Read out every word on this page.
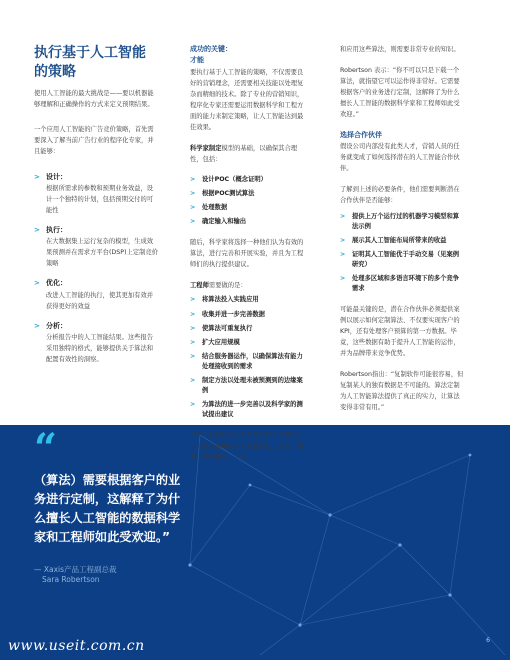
“
（算法）需要根据客户的业务进行定制，这解释了为什么擅长人工智能的数据科学家和工程师如此受欢迎。”
— Xaxis产品工程副总裁
Sara Robertson
www.useit.com.cn	6
执行基于人工智能的策略
使用人工智能的最大挑战是——要以机器能够理解和正确操作的方式来定义预期结果。
一个应用人工智能的广告竞价策略，首先需要深入了解当前广告行业的程序化专家，并且能够：
> 设计：
根据所需求的参数和预期业务效益，设计一个独特的计划，包括预期交付的可能性
> 执行：
在大数据集上运行复杂的模型，生成效果预测并在需求方平台(DSP)上定制竞价策略
> 优化：
改进人工智能的执行，使其更加有效并获得更好的效益
> 分析：
分析报告中的人工智能结果。这些报告采用独特的格式，能够提供关于算法和配置有效性的洞察。
成功的关键：
才能
要执行基于人工智能的策略，不仅需要良好的营销理念，还需要相关技能以处理复杂而精细的技术。除了专业的营销知识，程序化专家还需要运用数据科学和工程方面的能力来制定策略，让人工智能达到最佳效果。
科学家制定模型的基础，以确保其合理性，包括：
> 设计POC（概念证明）
> 根据POC测试算法
> 处理数据
> 确定输入和输出
随后，科学家将选择一种他们认为有效的算法，进行完善和开展实验，并且为工程师们的执行提供建议。
工程师需要做的是：
> 将算法投入实践应用
> 收集并进一步完善数据
> 使算法可重复执行
> 扩大应用规模
> 结合服务器运作，以确保算法有能力处理接收到的需求
> 制定方法以处理未被预测到的边缘案例
> 为算法的进一步完善以及科学家的测试提出建议
虽然可以通过顶尖科学家社区免费获取人工智能应用中的很多最佳算法，然而，想要巧妙地组合，定制
和应用这些算法，则需要非常专业的知识。
Robertson 表示：“你不可以只是下载一个算法，就指望它可以运作得非常好。它需要根据客户的业务进行定制，这解释了为什么擅长人工智能的数据科学家和工程师如此受欢迎。”
选择合作伙伴
假设公司内部没有此类人才，营销人员的任务就变成了如何选择潜在的人工智能合作伙伴。
了解到上述的必要条件，他们需要判断潜在合作伙伴是否能够：
> 提供上万个运行过的机器学习模型和算法示例
> 展示其人工智能布局所带来的收益
> 证明其人工智能优于手动交易（见案例研究）
> 处理多区域和多语言环境下的多个竞争需求
可能最关键的是，潜在合作伙伴必须提供案例以展示如何定制算法、不仅要实现客户的KPI，还有处理客户预算的第一方数据。毕竟，这些数据有助于提升人工智能的运作，并为品牌带来竞争优势。
Robertson指出：“复制软件可能很容易，但复制某人的独有数据是不可能的。算法定制为人工智能算法提供了真正的实力，让算法变得非常有用。”
